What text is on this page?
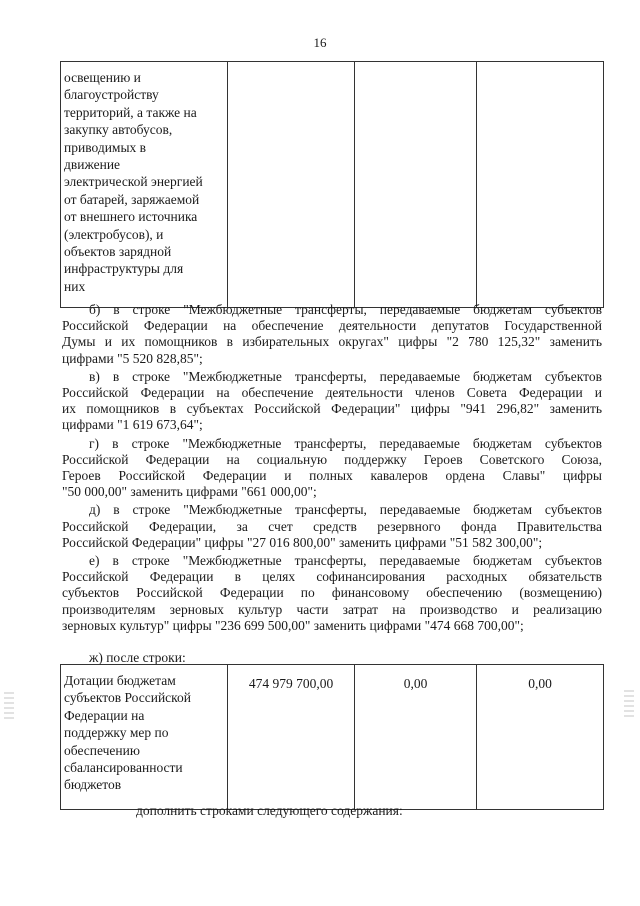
16
освещению и
благоустройству
территорий, а также на
закупку автобусов,
приводимых в
движение
электрической энергией
от батарей, заряжаемой
от внешнего источника
(электробусов), и
объектов зарядной
инфраструктуры для
них

б) в строке "Межбюджетные трансферты, передаваемые бюджетам субъектов
Российской Федерации на обеспечение деятельности депутатов Государственной
Думы и их помощников в избирательных округах" цифры "2 780 125,32" заменить
цифрами "5 520 828,85";
в) в строке "Межбюджетные трансферты, передаваемые бюджетам субъектов
Российской Федерации на обеспечение деятельности членов Совета Федерации и
их помощников в субъектах Российской Федерации" цифры "941 296,82" заменить
цифрами "1 619 673,64";
г) в строке "Межбюджетные трансферты, передаваемые бюджетам субъектов
Российской Федерации на социальную поддержку Героев Советского Союза,
Героев Российской Федерации и полных кавалеров ордена Славы" цифры
"50 000,00" заменить цифрами "661 000,00";
д) в строке "Межбюджетные трансферты, передаваемые бюджетам субъектов
Российской Федерации, за счет средств резервного фонда Правительства
Российской Федерации" цифры "27 016 800,00" заменить цифрами "51 582 300,00";
е) в строке "Межбюджетные трансферты, передаваемые бюджетам субъектов
Российской Федерации в целях софинансирования расходных обязательств
субъектов Российской Федерации по финансовому обеспечению (возмещению)
производителям зерновых культур части затрат на производство и реализацию
зерновых культур" цифры "236 699 500,00" заменить цифрами "474 668 700,00";
ж) после строки:
Дотации бюджетам
субъектов Российской
Федерации на
поддержку мер по
обеспечению
сбалансированности
бюджетов
	474 979 700,00	0,00	0,00
дополнить строками следующего содержания:
